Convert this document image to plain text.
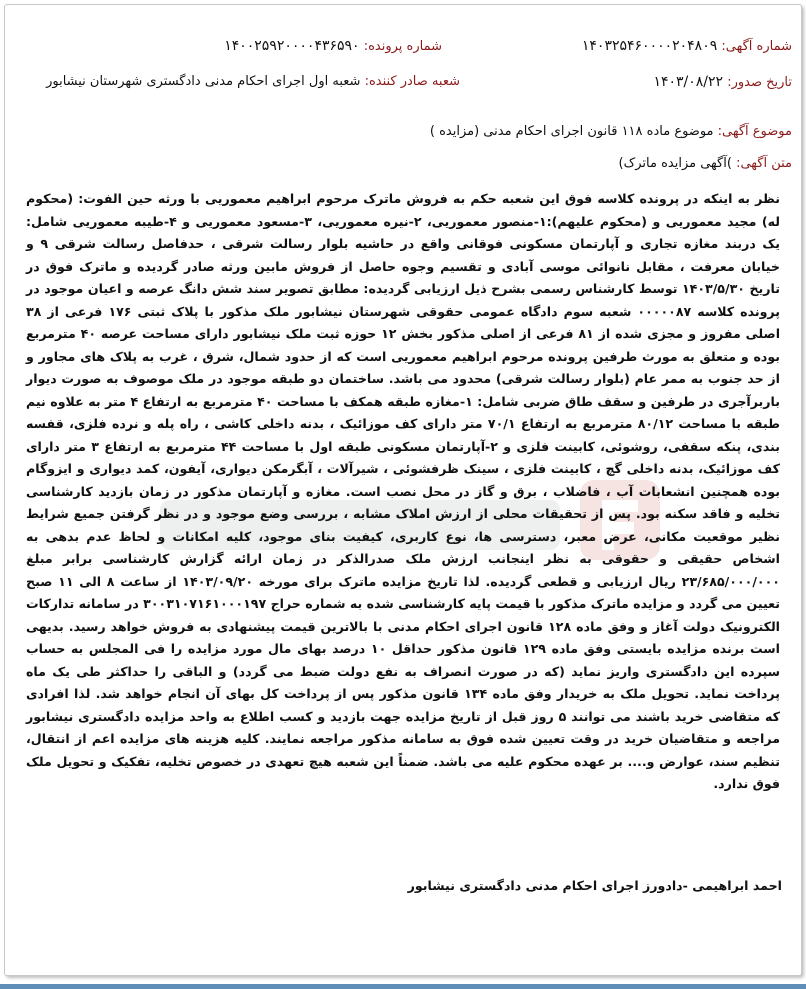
شماره آگهی: ۱۴۰۳۲۵۴۶۰۰۰۰۲۰۴۸۰۹
شماره پرونده: ۱۴۰۰۲۵۹۲۰۰۰۰۴۳۶۵۹۰
تاریخ صدور: ۱۴۰۳/۰۸/۲۲
شعبه صادر کننده: شعبه اول اجرای احکام مدنی دادگستری شهرستان نیشابور
موضوع آگهی: موضوع ماده ۱۱۸ قانون اجرای احکام مدنی (مزایده )
متن آگهی: )آگهی مزایده ماترک)
نظر به اینکه در پرونده کلاسه فوق این شعبه حکم به فروش ماترک مرحوم ابراهیم معموریی با ورثه حین الفوت: (محکوم له) مجید معموریی و (محکوم علیهم):۱-منصور معموریی، ۲-نیره معموریی، ۳-مسعود معموریی و ۴-طیبه معموریی شامل: یک دربند مغازه تجاری و آپارتمان مسکونی فوقانی واقع در حاشیه بلوار رسالت شرقی ، حدفاصل رسالت شرقی ۹ و خیابان معرفت ، مقابل نانوائی موسی آبادی و تقسیم وجوه حاصل از فروش مابین ورثه صادر گردیده و ماترک فوق در تاریخ ۱۴۰۳/۵/۳۰ توسط کارشناس رسمی بشرح ذیل ارزیابی گردیده: مطابق تصویر سند شش دانگ عرصه و اعیان موجود در پرونده کلاسه ۰۰۰۰۰۸۷ شعبه سوم دادگاه عمومی حقوقی شهرستان نیشابور ملک مذکور با پلاک ثبتی ۱۷۶ فرعی از ۳۸ اصلی مفروز و مجزی شده از ۸۱ فرعی از اصلی مذکور بخش ۱۲ حوزه ثبت ملک نیشابور دارای مساحت عرصه ۴۰ مترمربع بوده و متعلق به مورث طرفین پرونده مرحوم ابراهیم معموریی است که از حدود شمال، شرق ، غرب به پلاک های مجاور و از حد جنوب به ممر عام (بلوار رسالت شرقی) محدود می باشد. ساختمان دو طبقه موجود در ملک موصوف به صورت دیوار باربرآجری در طرفین و سقف طاق ضربی شامل: ۱-مغازه طبقه همکف با مساحت ۴۰ مترمربع به ارتفاع ۴ متر به علاوه نیم طبقه با مساحت ۸۰/۱۲ مترمربع به ارتفاع ۷۰/۱ متر دارای کف موزائیک ، بدنه داخلی کاشی ، راه پله و نرده فلزی، قفسه بندی، پنکه سقفی، روشوئی، کابینت فلزی و ۲-آپارتمان مسکونی طبقه اول با مساحت ۴۴ مترمربع به ارتفاع ۳ متر دارای کف موزائیک، بدنه داخلی گچ ، کابینت فلزی ، سینک ظرفشوئی ، شیرآلات ، آبگرمکن دیواری، آیفون، کمد دیواری و ایزوگام بوده همچنین انشعابات آب ، فاضلاب ، برق و گاز در محل نصب است. مغازه و آپارتمان مذکور در زمان بازدید کارشناسی تخلیه و فاقد سکنه بود. پس از تحقیقات محلی از ارزش املاک مشابه ، بررسی وضع موجود و در نظر گرفتن جمیع شرایط نظیر موقعیت مکانی، عرض معبر، دسترسی ها، نوع کاربری، کیفیت بنای موجود، کلیه امکانات و لحاظ عدم بدهی به اشخاص حقیقی و حقوقی به نظر اینجانب ارزش ملک صدرالذکر در زمان ارائه گزارش کارشناسی برابر مبلغ ۲۳/۶۸۵/۰۰۰/۰۰۰ ریال ارزیابی و قطعی گردیده. لذا تاریخ مزایده ماترک برای مورخه ۱۴۰۳/۰۹/۲۰ از ساعت ۸ الی ۱۱ صبح تعیین می گردد و مزایده ماترک مذکور با قیمت پایه کارشناسی شده به شماره حراج ۳۰۰۳۱۰۷۱۶۱۰۰۰۱۹۷ در سامانه تدارکات الکترونیک دولت آغاز و وفق ماده ۱۲۸ قانون اجرای احکام مدنی با بالاترین قیمت پیشنهادی به فروش خواهد رسید. بدیهی است برنده مزایده بایستی وفق ماده ۱۲۹ قانون مذکور حداقل ۱۰ درصد بهای مال مورد مزایده را فی المجلس به حساب سپرده این دادگستری واریز نماید (که در صورت انصراف به نفع دولت ضبط می گردد) و الباقی را حداکثر طی یک ماه پرداخت نماید. تحویل ملک به خریدار وفق ماده ۱۳۴ قانون مذکور پس از پرداخت کل بهای آن انجام خواهد شد. لذا افرادی که متقاضی خرید باشند می توانند ۵ روز قبل از تاریخ مزایده جهت بازدید و کسب اطلاع به واحد مزایده دادگستری نیشابور مراجعه و متقاضیان خرید در وقت تعیین شده فوق به سامانه مذکور مراجعه نمایند. کلیه هزینه های مزایده اعم از انتقال، تنظیم سند، عوارض و.... بر عهده محکوم علیه می باشد. ضمناً این شعبه هیچ تعهدی در خصوص تخلیه، تفکیک و تحویل ملک فوق ندارد.
احمد ابراهیمی -دادورز اجرای احکام مدنی دادگستری نیشابور
